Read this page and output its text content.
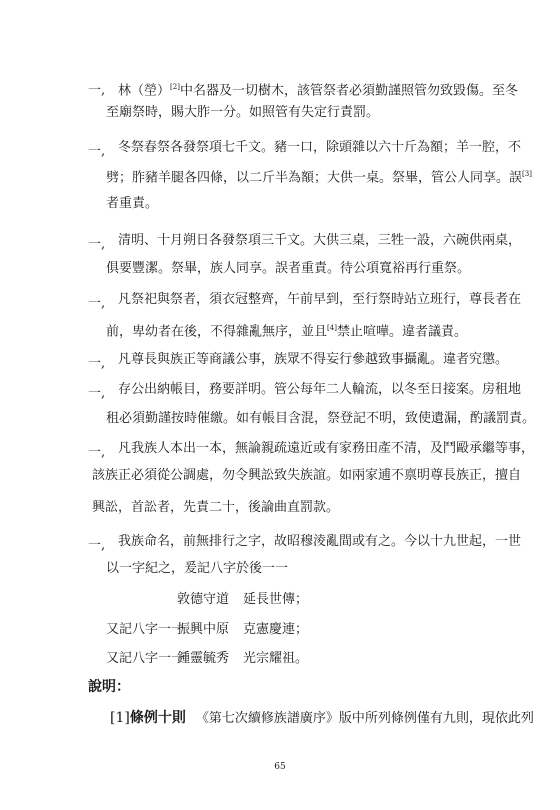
一, 林（塋）[2]中名器及一切樹木，該管祭者必須勤謹照管勿致毀傷。至冬
至廟祭時，賜大胙一分。如照管有失定行責罰。
一, 冬祭春祭各發祭項七千文。豬一口，除頭雜以六十斤為額；羊一腔，不
劈；胙豬羊腿各四條，以二斤半為額；大供一桌。祭畢，管公人同享。誤[3]
者重責。
一, 清明、十月朔日各發祭項三千文。大供三桌，三牲一設，六碗供兩桌，
俱要豐潔。祭畢，族人同享。誤者重責。待公項寬裕再行重祭。
一, 凡祭祀與祭者，須衣冠整齊，午前早到，至行祭時站立班行，尊長者在
前，卑幼者在後，不得雜亂無序，並且[4]禁止喧嘩。違者議責。
一, 凡尊長與族正等商議公事，族眾不得妄行參越致事攝亂。違者究懲。
一, 存公出納帳目，務要詳明。管公每年二人輪流，以冬至日接案。房租地
租必須勤謹按時催繳。如有帳目含混，祭登記不明，致使遺漏，酌議罰責。
一, 凡我族人本出一本，無論親疏遠近或有家務田產不清，及鬥毆承繼等事，
該族正必須從公調處，勿令興訟致失族誼。如兩家逋不禀明尊長族正，擅自
興訟，首訟者，先責二十，後論曲直罰款。
一, 我族命名，前無排行之字，故昭穆淩亂間或有之。今以十九世起，一世
以一字紀之，爰記八字於後一一
敦德守道 延長世傳；
又記八字一一
振興中原 克憲慶連；
又記八字一一
鍾靈毓秀 光宗耀祖。
說明：
[1]條例十則 《第七次續修族譜廣序》版中所列條例僅有九則，現依此列
65
